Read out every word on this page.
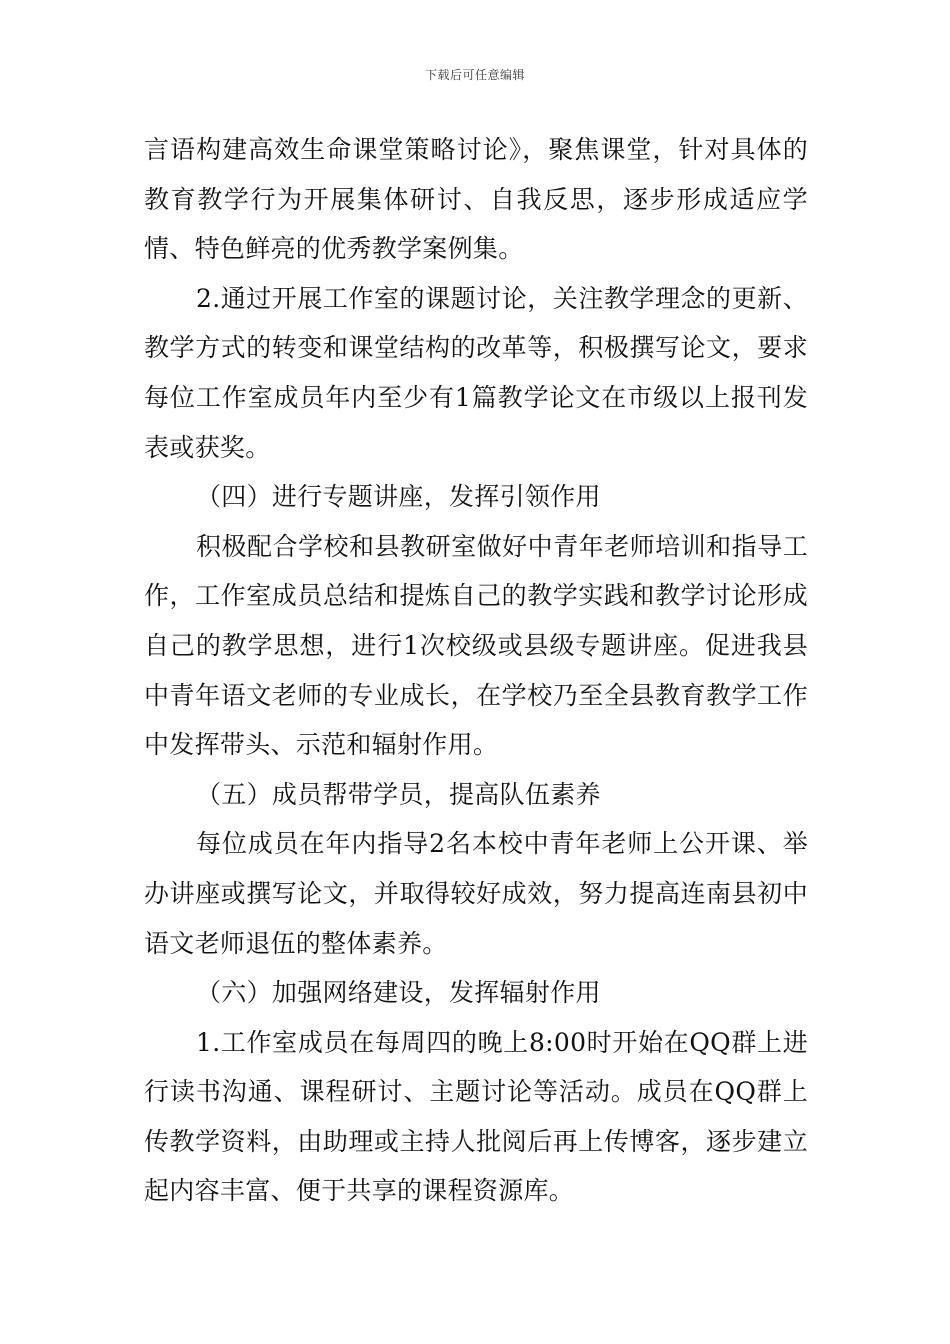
下载后可任意编辑

言语构建高效生命课堂策略讨论》，聚焦课堂，针对具体的教育教学行为开展集体研讨、自我反思，逐步形成适应学情、特色鲜亮的优秀教学案例集。

2.通过开展工作室的课题讨论，关注教学理念的更新、教学方式的转变和课堂结构的改革等，积极撰写论文，要求每位工作室成员年内至少有1篇教学论文在市级以上报刊发表或获奖。

（四）进行专题讲座，发挥引领作用

积极配合学校和县教研室做好中青年老师培训和指导工作，工作室成员总结和提炼自己的教学实践和教学讨论形成自己的教学思想，进行1次校级或县级专题讲座。促进我县中青年语文老师的专业成长，在学校乃至全县教育教学工作中发挥带头、示范和辐射作用。

（五）成员帮带学员，提高队伍素养

每位成员在年内指导2名本校中青年老师上公开课、举办讲座或撰写论文，并取得较好成效，努力提高连南县初中语文老师退伍的整体素养。

（六）加强网络建设，发挥辐射作用

1.工作室成员在每周四的晚上8:00时开始在QQ群上进行读书沟通、课程研讨、主题讨论等活动。成员在QQ群上传教学资料，由助理或主持人批阅后再上传博客，逐步建立起内容丰富、便于共享的课程资源库。
